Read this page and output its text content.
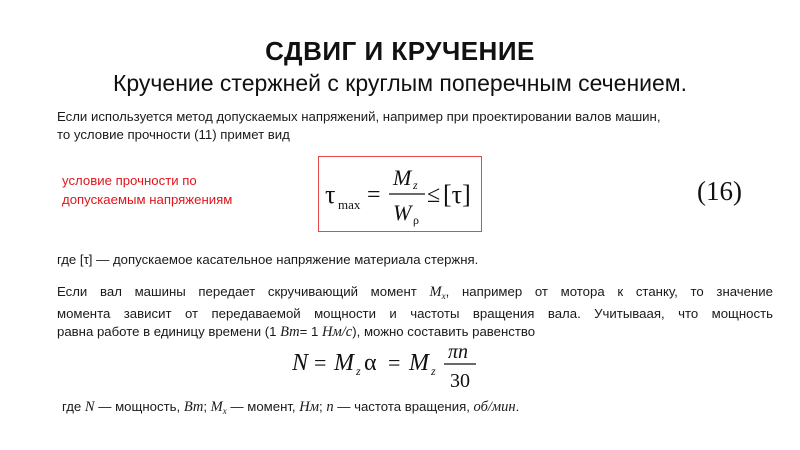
СДВИГ И КРУЧЕНИЕ
Кручение стержней с круглым поперечным сечением.
Если используется метод допускаемых напряжений, например при проектировании валов машин,
то условие прочности (11) примет вид
условие прочности по
допускаемым напряжениям	τ max =
M z
W ρ
≤ [τ]	(16)
где [τ] — допускаемое касательное напряжение материала стержня.
Если вал машины передает скручивающий момент $M_x$, например от мотора к станку, то значение
момента зависит от передаваемой мощности и частоты вращения вала. Учитываая, что мощность
равна работе в единицу времени (1 Вт= 1 Нм/с), можно составить равенство
N = M z α = M z
πn
30
где N — мощность, Вт; $M_x$ — момент, Нм; n — частота вращения, об/мин.
